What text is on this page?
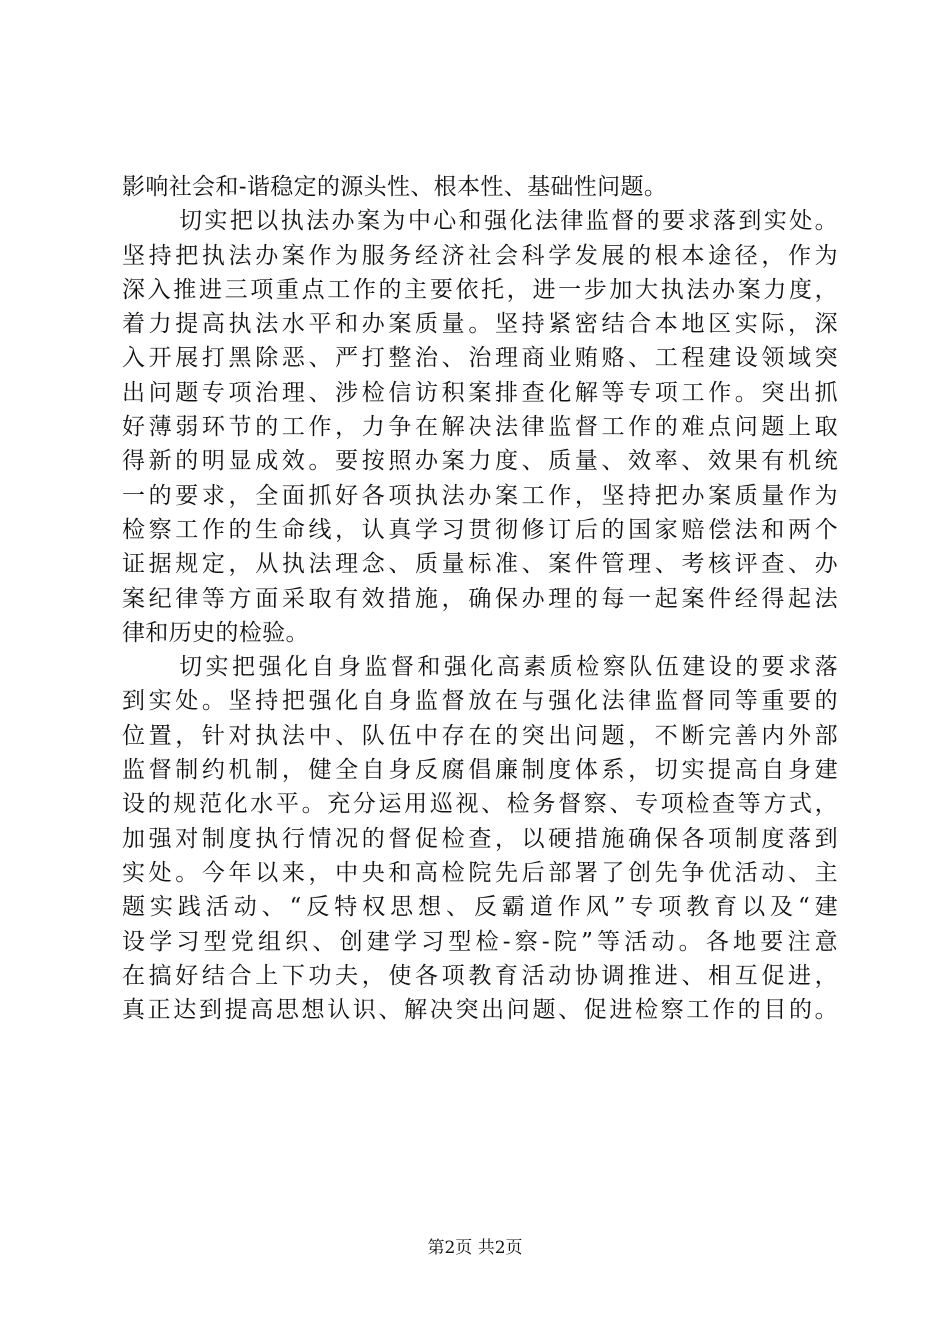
影响社会和-谐稳定的源头性、根本性、基础性问题。
切实把以执法办案为中心和强化法律监督的要求落到实处。
坚持把执法办案作为服务经济社会科学发展的根本途径，作为
深入推进三项重点工作的主要依托，进一步加大执法办案力度，
着力提高执法水平和办案质量。坚持紧密结合本地区实际，深
入开展打黑除恶、严打整治、治理商业贿赂、工程建设领域突
出问题专项治理、涉检信访积案排查化解等专项工作。突出抓
好薄弱环节的工作，力争在解决法律监督工作的难点问题上取
得新的明显成效。要按照办案力度、质量、效率、效果有机统
一的要求，全面抓好各项执法办案工作，坚持把办案质量作为
检察工作的生命线，认真学习贯彻修订后的国家赔偿法和两个
证据规定，从执法理念、质量标准、案件管理、考核评查、办
案纪律等方面采取有效措施，确保办理的每一起案件经得起法
律和历史的检验。
切实把强化自身监督和强化高素质检察队伍建设的要求落
到实处。坚持把强化自身监督放在与强化法律监督同等重要的
位置，针对执法中、队伍中存在的突出问题，不断完善内外部
监督制约机制，健全自身反腐倡廉制度体系，切实提高自身建
设的规范化水平。充分运用巡视、检务督察、专项检查等方式，
加强对制度执行情况的督促检查，以硬措施确保各项制度落到
实处。今年以来，中央和高检院先后部署了创先争优活动、主
题实践活动、“反特权思想、反霸道作风”专项教育以及“建
设学习型党组织、创建学习型检-察-院”等活动。各地要注意
在搞好结合上下功夫，使各项教育活动协调推进、相互促进，
真正达到提高思想认识、解决突出问题、促进检察工作的目的。
第2页 共2页
